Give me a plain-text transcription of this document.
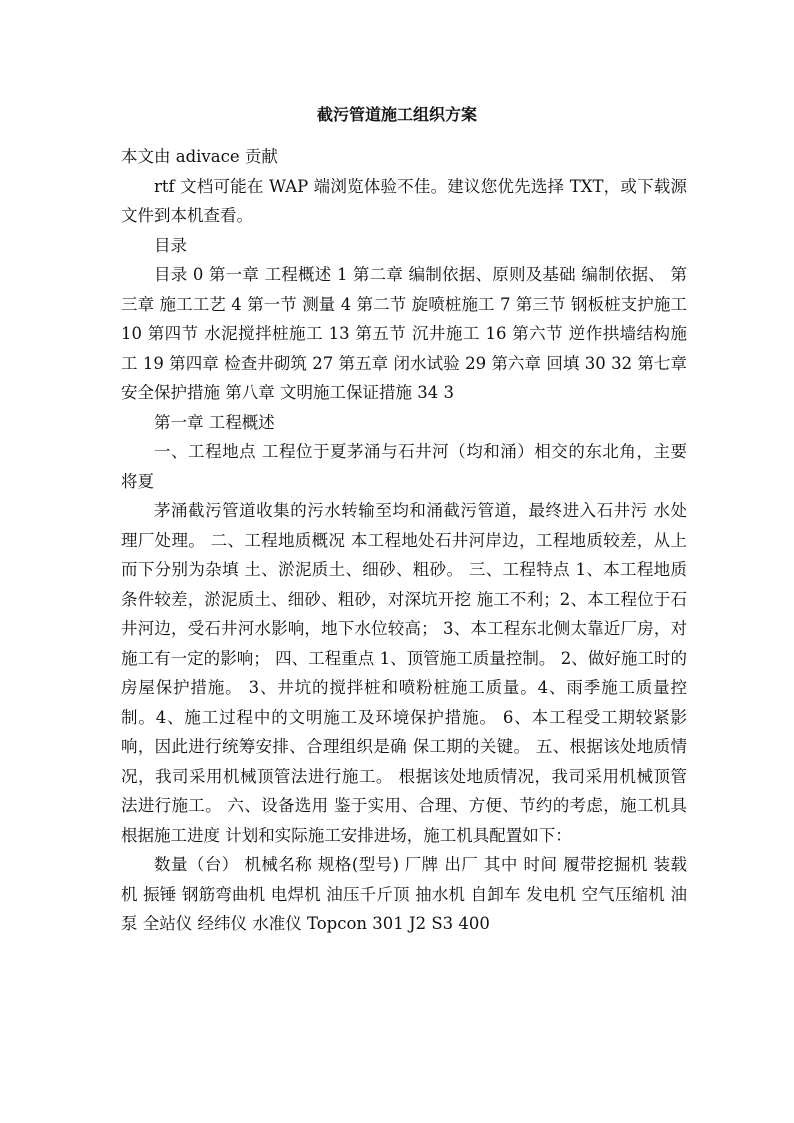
截污管道施工组织方案

本文由 adivace 贡献

rtf 文档可能在 WAP 端浏览体验不佳。建议您优先选择 TXT，或下载源文件到本机查看。

目录

目录 0 第一章 工程概述 1 第二章 编制依据、原则及基础 编制依据、 第三章 施工工艺 4 第一节 测量 4 第二节 旋喷桩施工 7 第三节 钢板桩支护施工 10 第四节 水泥搅拌桩施工 13 第五节 沉井施工 16 第六节 逆作拱墙结构施工 19 第四章 检查井砌筑 27 第五章 闭水试验 29 第六章 回填 30 32 第七章 安全保护措施 第八章 文明施工保证措施 34 3

第一章 工程概述

一、工程地点 工程位于夏茅涌与石井河（均和涌）相交的东北角，主要将夏

茅涌截污管道收集的污水转输至均和涌截污管道，最终进入石井污 水处理厂处理。 二、工程地质概况 本工程地处石井河岸边，工程地质较差，从上而下分别为杂填 土、淤泥质土、细砂、粗砂。 三、工程特点 1、本工程地质条件较差，淤泥质土、细砂、粗砂，对深坑开挖 施工不利；2、本工程位于石井河边，受石井河水影响，地下水位较高； 3、本工程东北侧太靠近厂房，对施工有一定的影响； 四、工程重点 1、顶管施工质量控制。 2、做好施工时的房屋保护措施。 3、井坑的搅拌桩和喷粉桩施工质量。4、雨季施工质量控制。4、施工过程中的文明施工及环境保护措施。 6、本工程受工期较紧影响，因此进行统筹安排、合理组织是确 保工期的关键。 五、根据该处地质情况，我司采用机械顶管法进行施工。 根据该处地质情况，我司采用机械顶管法进行施工。 六、设备选用 鉴于实用、合理、方便、节约的考虑，施工机具根据施工进度 计划和实际施工安排进场，施工机具配置如下：

数量（台） 机械名称 规格(型号) 厂牌 出厂 其中 时间 履带挖掘机 装载机 振锤 钢筋弯曲机 电焊机 油压千斤顶 抽水机 自卸车 发电机 空气压缩机 油泵 全站仪 经纬仪 水准仪 Topcon 301 J2 S3 400
